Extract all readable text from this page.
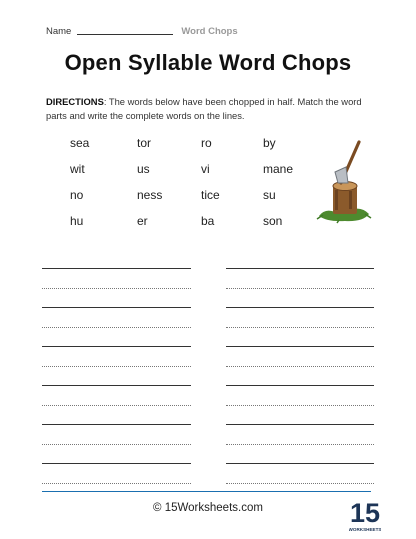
Name	Word Chops
Open Syllable Word Chops
DIRECTIONS: The words below have been chopped in half. Match the word parts and write the complete words on the lines.
sea	tor	ro	by
wit	us	vi	mane
no	ness	tice	su
hu	er	ba	son
© 15Worksheets.com	15
WORKSHEETS
